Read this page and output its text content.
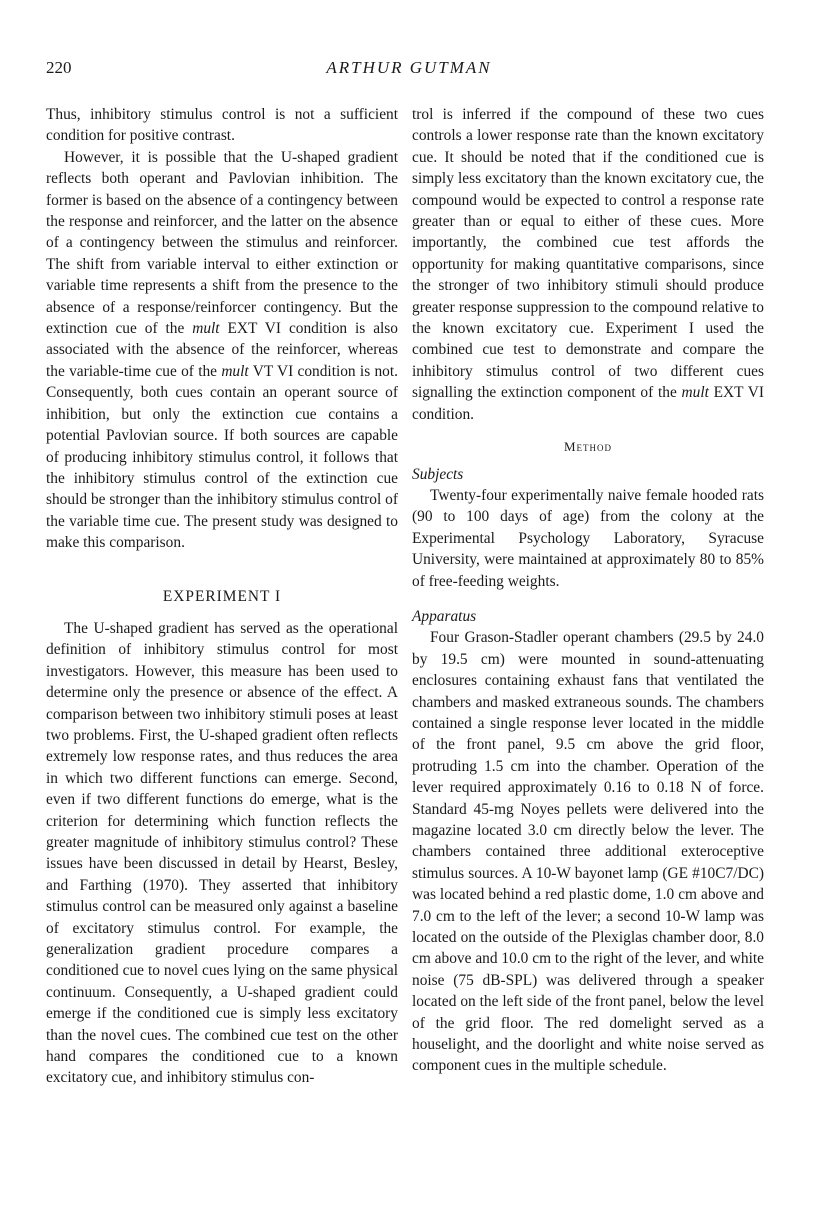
220	ARTHUR GUTMAN

Thus, inhibitory stimulus control is not a sufficient condition for positive contrast.

However, it is possible that the U-shaped gradient reflects both operant and Pavlovian inhibition. The former is based on the absence of a contingency between the response and reinforcer, and the latter on the absence of a contingency between the stimulus and reinforcer. The shift from variable interval to either extinction or variable time represents a shift from the presence to the absence of a response/reinforcer contingency. But the extinction cue of the mult EXT VI condition is also associated with the absence of the reinforcer, whereas the variable-time cue of the mult VT VI condition is not. Consequently, both cues contain an operant source of inhibition, but only the extinction cue contains a potential Pavlovian source. If both sources are capable of producing inhibitory stimulus control, it follows that the inhibitory stimulus control of the extinction cue should be stronger than the inhibitory stimulus control of the variable time cue. The present study was designed to make this comparison.

EXPERIMENT I

The U-shaped gradient has served as the operational definition of inhibitory stimulus control for most investigators. However, this measure has been used to determine only the presence or absence of the effect. A comparison between two inhibitory stimuli poses at least two problems. First, the U-shaped gradient often reflects extremely low response rates, and thus reduces the area in which two different functions can emerge. Second, even if two different functions do emerge, what is the criterion for determining which function reflects the greater magnitude of inhibitory stimulus control? These issues have been discussed in detail by Hearst, Besley, and Farthing (1970). They asserted that inhibitory stimulus control can be measured only against a baseline of excitatory stimulus control. For example, the generalization gradient procedure compares a conditioned cue to novel cues lying on the same physical continuum. Consequently, a U-shaped gradient could emerge if the conditioned cue is simply less excitatory than the novel cues. The combined cue test on the other hand compares the conditioned cue to a known excitatory cue, and inhibitory stimulus con-

trol is inferred if the compound of these two cues controls a lower response rate than the known excitatory cue. It should be noted that if the conditioned cue is simply less excitatory than the known excitatory cue, the compound would be expected to control a response rate greater than or equal to either of these cues. More importantly, the combined cue test affords the opportunity for making quantitative comparisons, since the stronger of two inhibitory stimuli should produce greater response suppression to the compound relative to the known excitatory cue. Experiment I used the combined cue test to demonstrate and compare the inhibitory stimulus control of two different cues signalling the extinction component of the mult EXT VI condition.

Method

Subjects

Twenty-four experimentally naive female hooded rats (90 to 100 days of age) from the colony at the Experimental Psychology Laboratory, Syracuse University, were maintained at approximately 80 to 85% of free-feeding weights.

Apparatus

Four Grason-Stadler operant chambers (29.5 by 24.0 by 19.5 cm) were mounted in sound-attenuating enclosures containing exhaust fans that ventilated the chambers and masked extraneous sounds. The chambers contained a single response lever located in the middle of the front panel, 9.5 cm above the grid floor, protruding 1.5 cm into the chamber. Operation of the lever required approximately 0.16 to 0.18 N of force. Standard 45-mg Noyes pellets were delivered into the magazine located 3.0 cm directly below the lever. The chambers contained three additional exteroceptive stimulus sources. A 10-W bayonet lamp (GE #10C7/DC) was located behind a red plastic dome, 1.0 cm above and 7.0 cm to the left of the lever; a second 10-W lamp was located on the outside of the Plexiglas chamber door, 8.0 cm above and 10.0 cm to the right of the lever, and white noise (75 dB-SPL) was delivered through a speaker located on the left side of the front panel, below the level of the grid floor. The red domelight served as a houselight, and the doorlight and white noise served as component cues in the multiple schedule.
